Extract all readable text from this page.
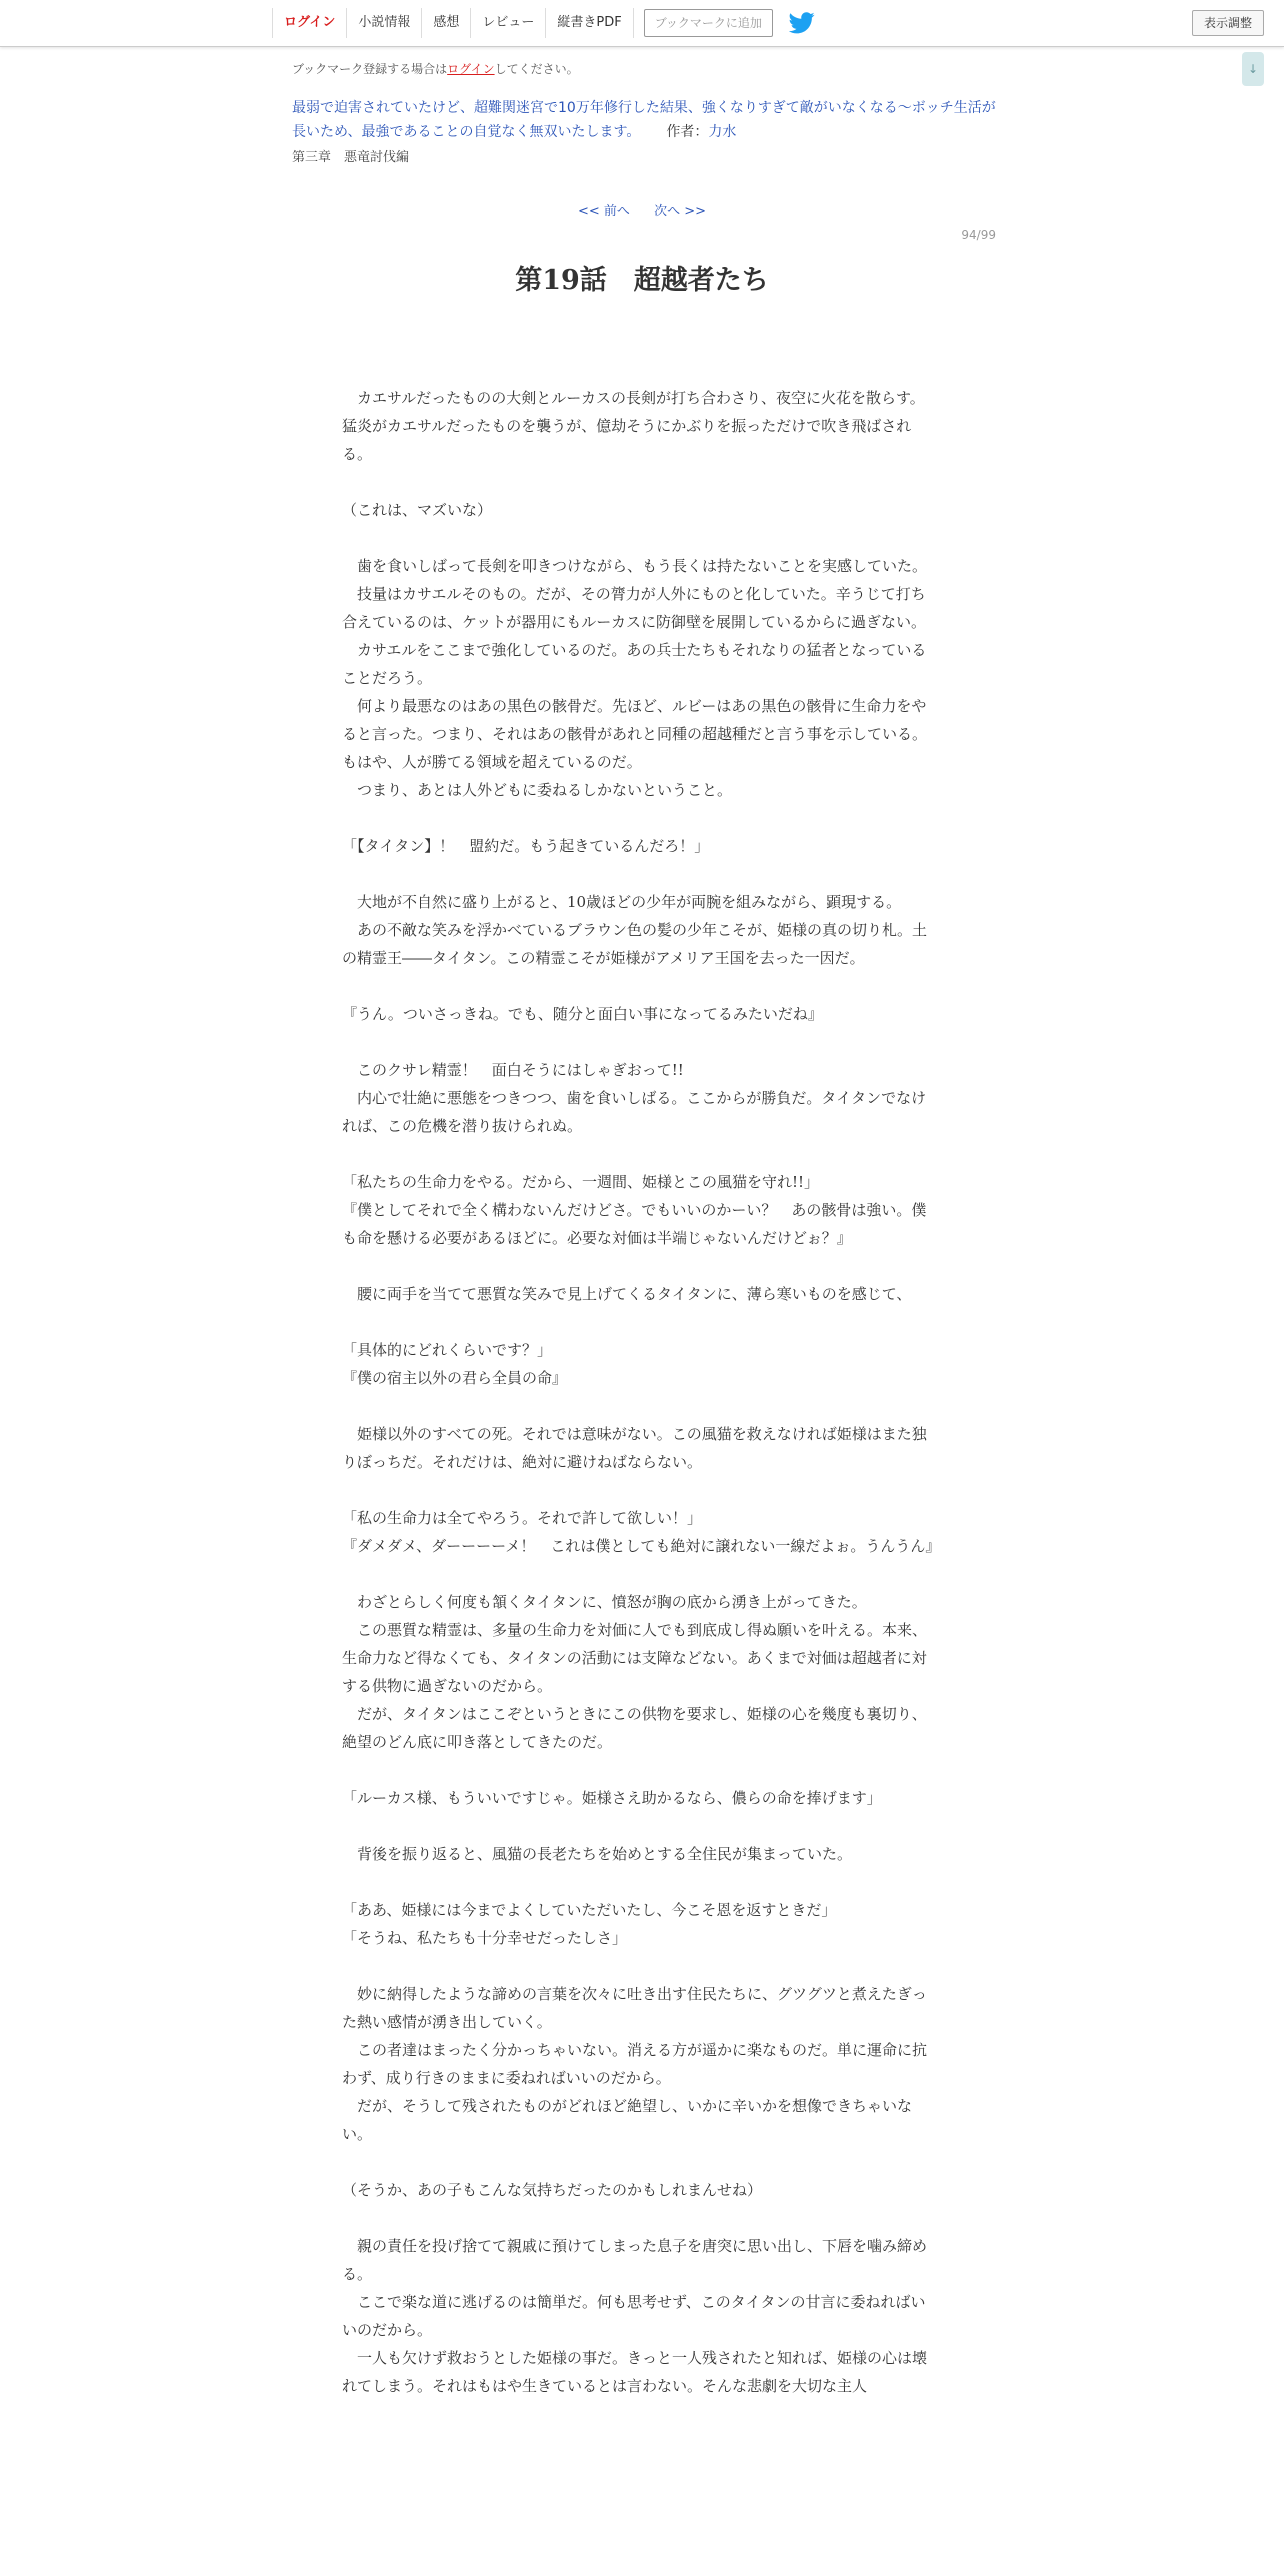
ログイン	小説情報	感想	レビュー	縦書きPDF	ブックマークに追加	表示調整
↓
ブックマーク登録する場合はログインしてください。
最弱で迫害されていたけど、超難関迷宮で10万年修行した結果、強くなりすぎて敵がいなくなる～ボッチ生活が長いため、最強であることの自覚なく無双いたします。 作者：力水
第三章　悪竜討伐編
<< 前へ 次へ >>
94/99
第19話　超越者たち

　カエサルだったものの大剣とルーカスの長剣が打ち合わさり、夜空に火花を散らす。

猛炎がカエサルだったものを襲うが、億劫そうにかぶりを振っただけで吹き飛ばされる。

（これは、マズいな）

　歯を食いしばって長剣を叩きつけながら、もう長くは持たないことを実感していた。

　技量はカサエルそのもの。だが、その膂力が人外にものと化していた。辛うじて打ち合えているのは、ケットが器用にもルーカスに防御壁を展開しているからに過ぎない。

　カサエルをここまで強化しているのだ。あの兵士たちもそれなりの猛者となっていることだろう。

　何より最悪なのはあの黒色の骸骨だ。先ほど、ルビーはあの黒色の骸骨に生命力をやると言った。つまり、それはあの骸骨があれと同種の超越種だと言う事を示している。もはや、人が勝てる領域を超えているのだ。

　つまり、あとは人外どもに委ねるしかないということ。

「【タイタン】！　盟約だ。もう起きているんだろ！」

　大地が不自然に盛り上がると、10歳ほどの少年が両腕を組みながら、顕現する。

　あの不敵な笑みを浮かべているブラウン色の髪の少年こそが、姫様の真の切り札。土の精霊王――タイタン。この精霊こそが姫様がアメリア王国を去った一因だ。

『うん。ついさっきね。でも、随分と面白い事になってるみたいだね』

　このクサレ精霊！　面白そうにはしゃぎおって!!

　内心で壮絶に悪態をつきつつ、歯を食いしばる。ここからが勝負だ。タイタンでなければ、この危機を潜り抜けられぬ。

「私たちの生命力をやる。だから、一週間、姫様とこの風猫を守れ!!」

『僕としてそれで全く構わないんだけどさ。でもいいのかーい？　あの骸骨は強い。僕も命を懸ける必要があるほどに。必要な対価は半端じゃないんだけどぉ？』

　腰に両手を当てて悪質な笑みで見上げてくるタイタンに、薄ら寒いものを感じて、

「具体的にどれくらいです？」

『僕の宿主以外の君ら全員の命』

　姫様以外のすべての死。それでは意味がない。この風猫を救えなければ姫様はまた独りぼっちだ。それだけは、絶対に避けねばならない。

「私の生命力は全てやろう。それで許して欲しい！」

『ダメダメ、ダーーーーメ！　これは僕としても絶対に譲れない一線だよぉ。うんうん』

　わざとらしく何度も頷くタイタンに、憤怒が胸の底から湧き上がってきた。

　この悪質な精霊は、多量の生命力を対価に人でも到底成し得ぬ願いを叶える。本来、生命力など得なくても、タイタンの活動には支障などない。あくまで対価は超越者に対する供物に過ぎないのだから。

　だが、タイタンはここぞというときにこの供物を要求し、姫様の心を幾度も裏切り、絶望のどん底に叩き落としてきたのだ。

「ルーカス様、もういいですじゃ。姫様さえ助かるなら、儂らの命を捧げます」

　背後を振り返ると、風猫の長老たちを始めとする全住民が集まっていた。

「ああ、姫様には今までよくしていただいたし、今こそ恩を返すときだ」

「そうね、私たちも十分幸せだったしさ」

　妙に納得したような諦めの言葉を次々に吐き出す住民たちに、グツグツと煮えたぎった熱い感情が湧き出していく。

　この者達はまったく分かっちゃいない。消える方が遥かに楽なものだ。単に運命に抗わず、成り行きのままに委ねればいいのだから。

　だが、そうして残されたものがどれほど絶望し、いかに辛いかを想像できちゃいない。

（そうか、あの子もこんな気持ちだったのかもしれまんせね）

　親の責任を投げ捨てて親戚に預けてしまった息子を唐突に思い出し、下唇を噛み締める。

　ここで楽な道に逃げるのは簡単だ。何も思考せず、このタイタンの甘言に委ねればいいのだから。

　一人も欠けず救おうとした姫様の事だ。きっと一人残されたと知れば、姫様の心は壊れてしまう。それはもはや生きているとは言わない。そんな悲劇を大切な主人
